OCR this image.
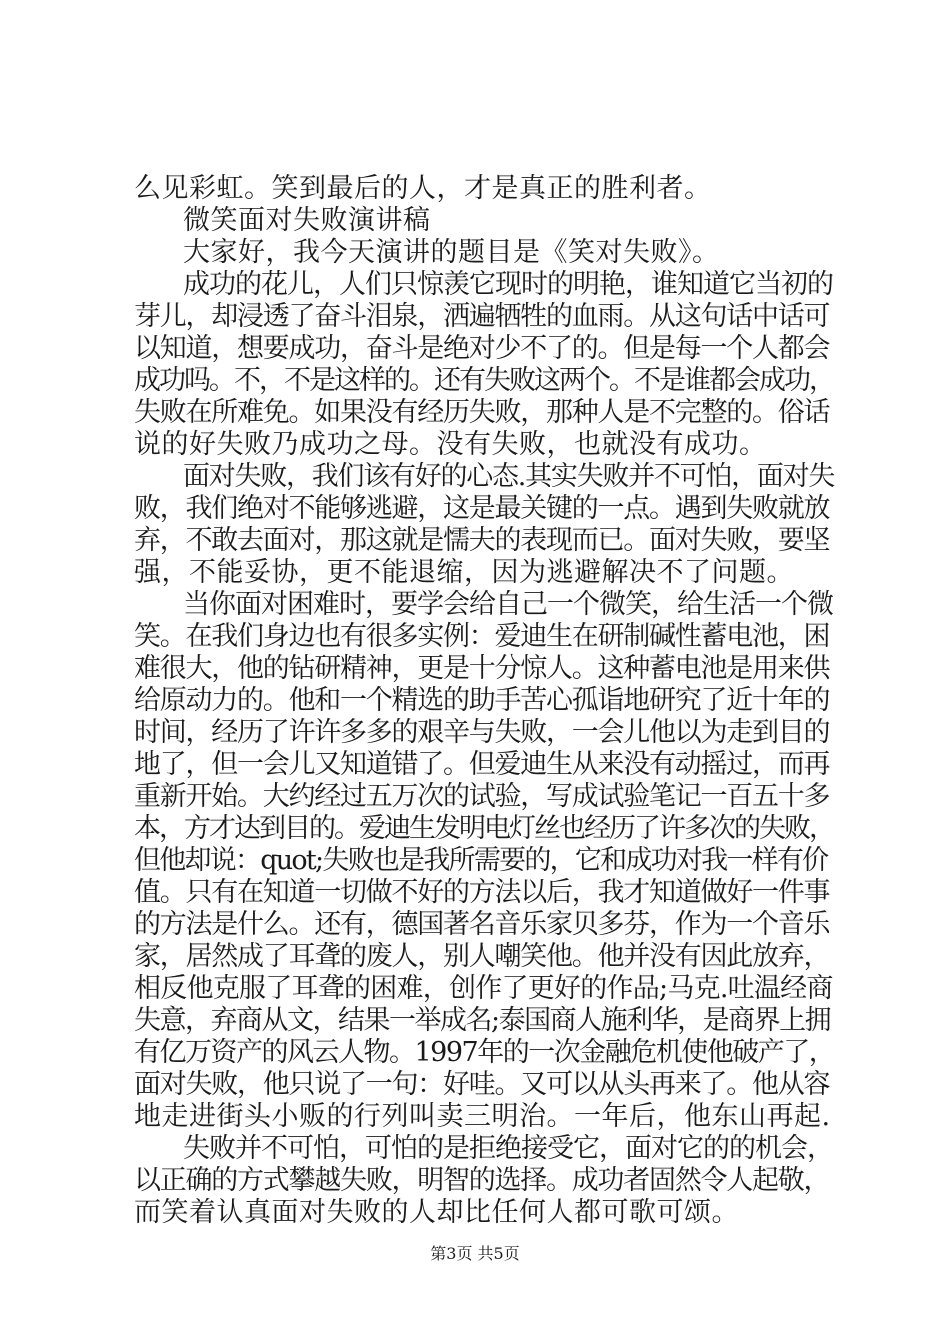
么见彩虹。笑到最后的人，才是真正的胜利者。
微笑面对失败演讲稿
大家好，我今天演讲的题目是《笑对失败》。
成功的花儿，人们只惊羡它现时的明艳，谁知道它当初的
芽儿，却浸透了奋斗泪泉，洒遍牺牲的血雨。从这句话中话可
以知道，想要成功，奋斗是绝对少不了的。但是每一个人都会
成功吗。不，不是这样的。还有失败这两个。不是谁都会成功，
失败在所难免。如果没有经历失败，那种人是不完整的。俗话
说的好失败乃成功之母。没有失败，也就没有成功。
面对失败，我们该有好的心态.其实失败并不可怕，面对失
败，我们绝对不能够逃避，这是最关键的一点。遇到失败就放
弃，不敢去面对，那这就是懦夫的表现而已。面对失败，要坚
强，不能妥协，更不能退缩，因为逃避解决不了问题。
当你面对困难时，要学会给自己一个微笑，给生活一个微
笑。在我们身边也有很多实例：爱迪生在研制碱性蓄电池，困
难很大，他的钻研精神，更是十分惊人。这种蓄电池是用来供
给原动力的。他和一个精选的助手苦心孤诣地研究了近十年的
时间，经历了许许多多的艰辛与失败，一会儿他以为走到目的
地了，但一会儿又知道错了。但爱迪生从来没有动摇过，而再
重新开始。大约经过五万次的试验，写成试验笔记一百五十多
本，方才达到目的。爱迪生发明电灯丝也经历了许多次的失败，
但他却说：quot;失败也是我所需要的，它和成功对我一样有价
值。只有在知道一切做不好的方法以后，我才知道做好一件事
的方法是什么。还有，德国著名音乐家贝多芬，作为一个音乐
家，居然成了耳聋的废人，别人嘲笑他。他并没有因此放弃，
相反他克服了耳聋的困难，创作了更好的作品;马克.吐温经商
失意，弃商从文，结果一举成名;泰国商人施利华，是商界上拥
有亿万资产的风云人物。1997年的一次金融危机使他破产了，
面对失败，他只说了一句：好哇。又可以从头再来了。他从容
地走进街头小贩的行列叫卖三明治。一年后，他东山再起.
失败并不可怕，可怕的是拒绝接受它，面对它的的机会，
以正确的方式攀越失败，明智的选择。成功者固然令人起敬，
而笑着认真面对失败的人却比任何人都可歌可颂。
第3页 共5页
